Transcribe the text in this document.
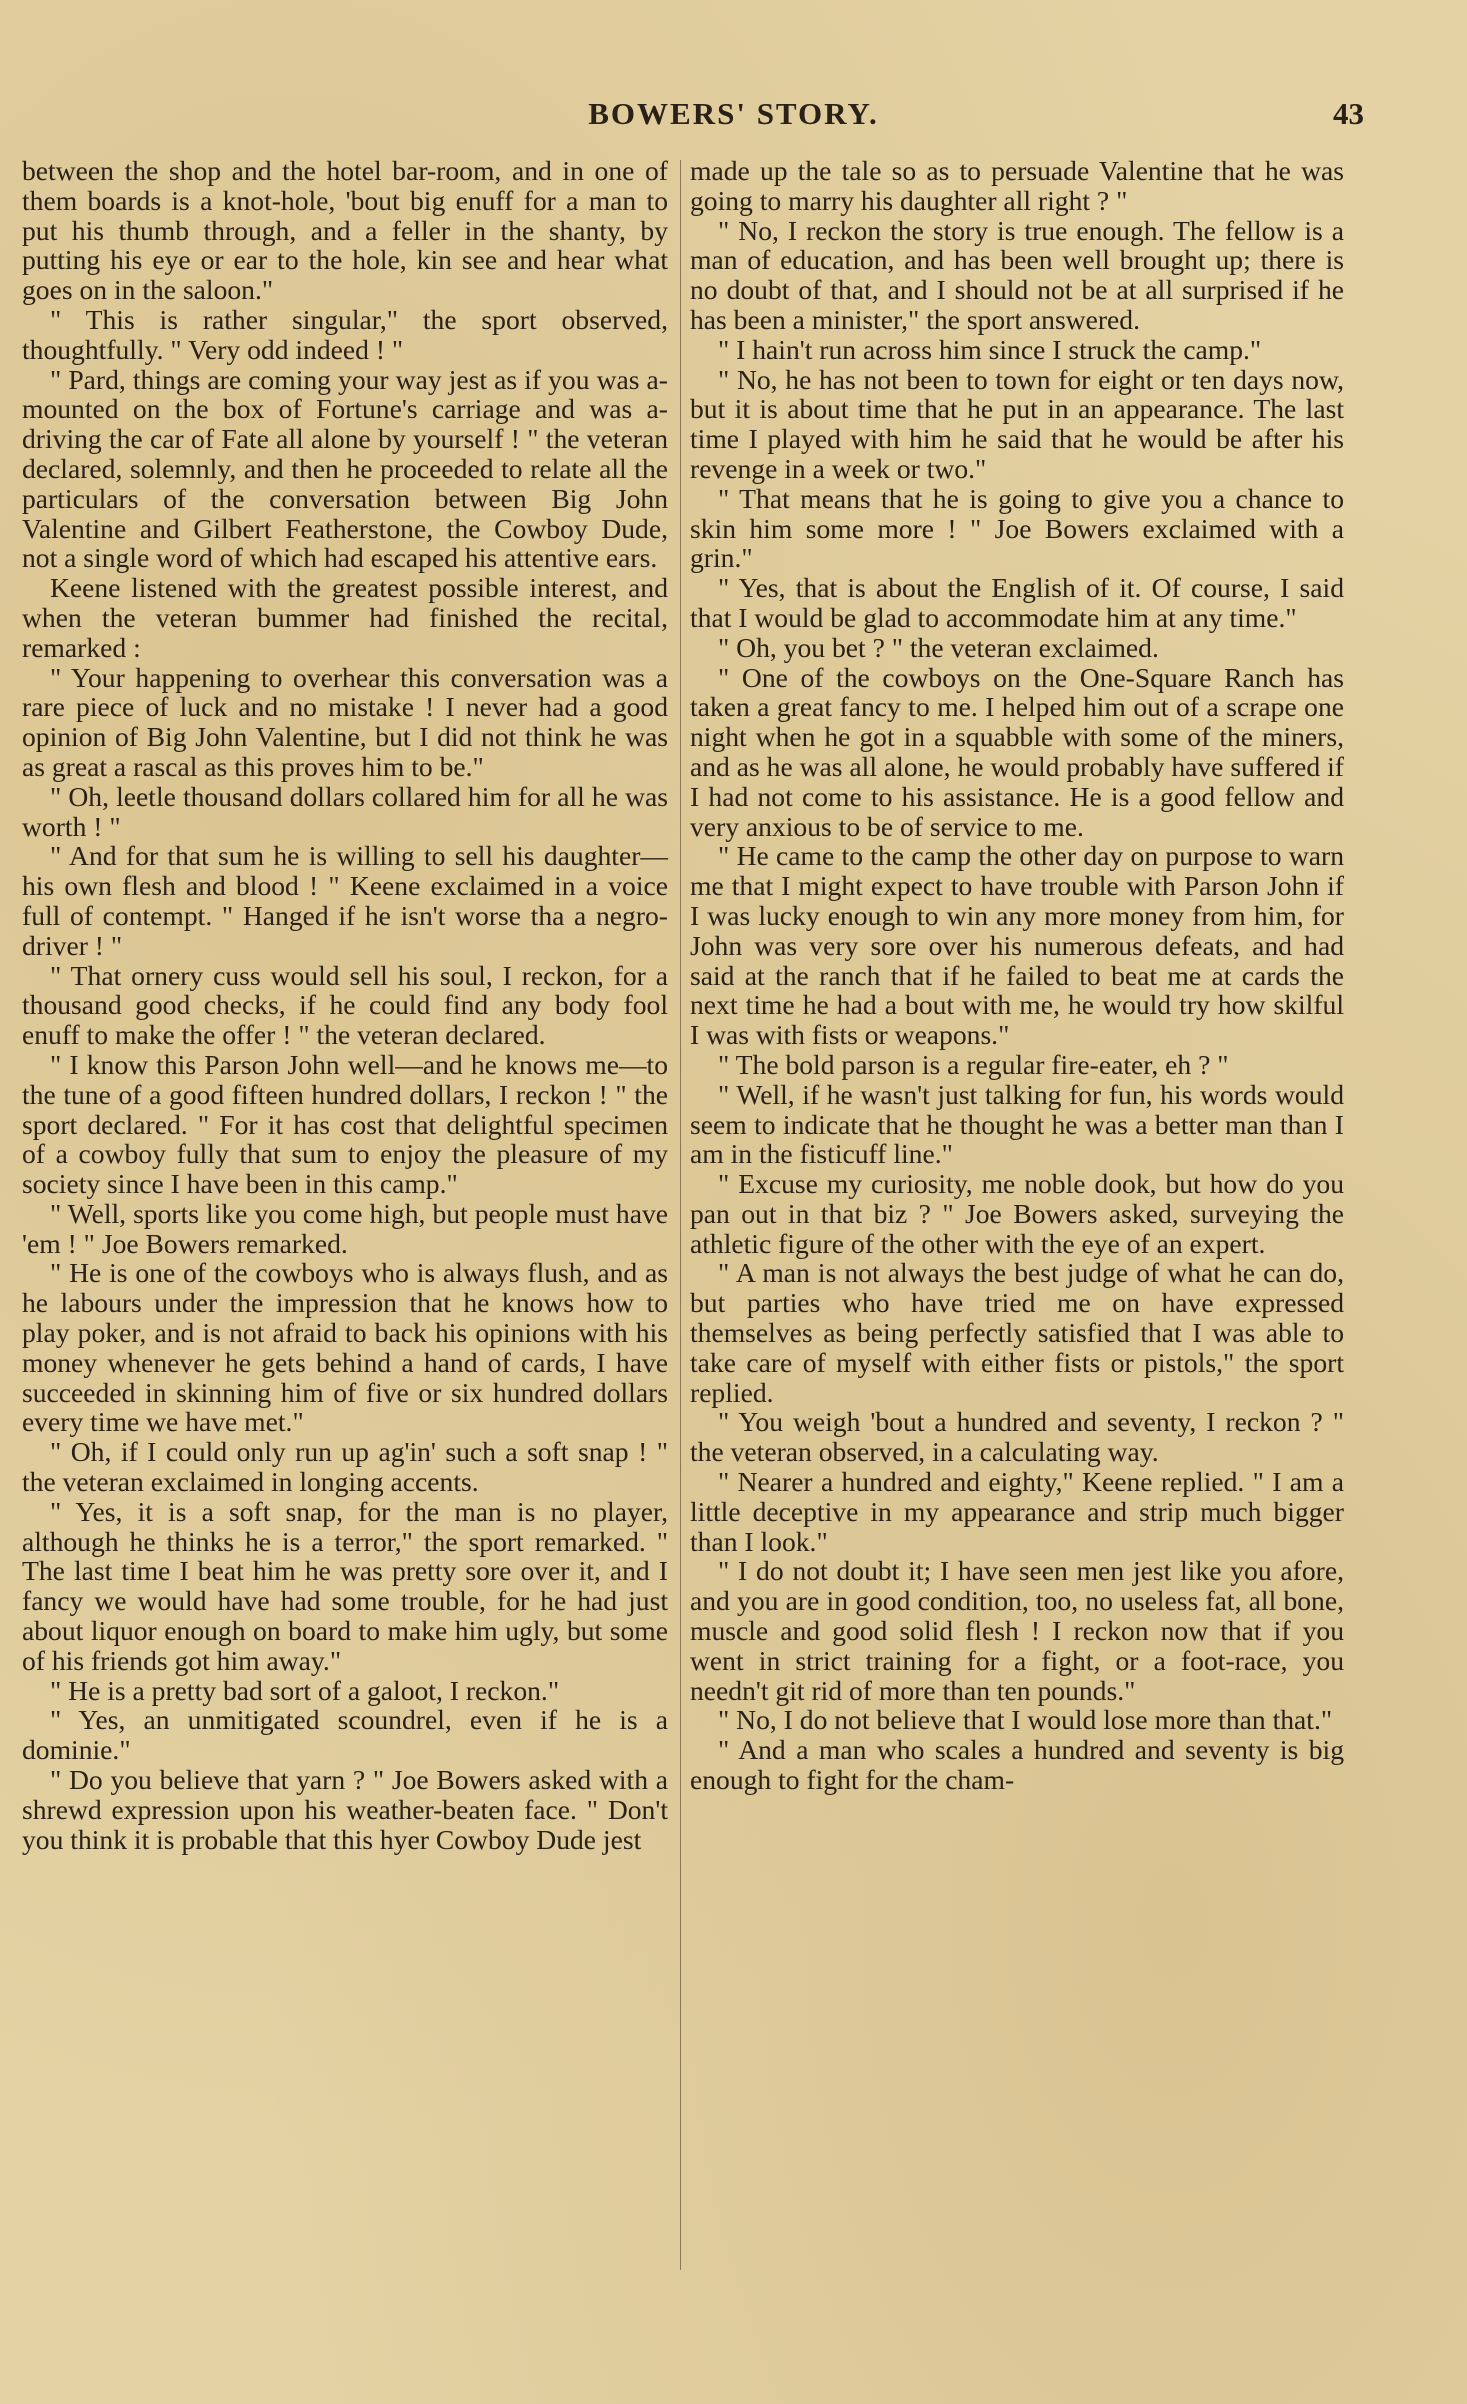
BOWERS' STORY.	43

between the shop and the hotel bar-room, and in one of them boards is a knot-hole, 'bout big enuff for a man to put his thumb through, and a feller in the shanty, by putting his eye or ear to the hole, kin see and hear what goes on in the saloon."

" This is rather singular," the sport observed, thoughtfully. " Very odd indeed ! "

" Pard, things are coming your way jest as if you was a-mounted on the box of Fortune's carriage and was a-driving the car of Fate all alone by yourself ! " the veteran declared, solemnly, and then he proceeded to relate all the particulars of the conversation between Big John Valentine and Gilbert Featherstone, the Cowboy Dude, not a single word of which had escaped his attentive ears.

Keene listened with the greatest possible interest, and when the veteran bummer had finished the recital, remarked :

" Your happening to overhear this conversation was a rare piece of luck and no mistake ! I never had a good opinion of Big John Valentine, but I did not think he was as great a rascal as this proves him to be."

" Oh, leetle thousand dollars collared him for all he was worth ! "

" And for that sum he is willing to sell his daughter—his own flesh and blood ! " Keene exclaimed in a voice full of contempt. " Hanged if he isn't worse tha a negro-driver ! "

" That ornery cuss would sell his soul, I reckon, for a thousand good checks, if he could find any body fool enuff to make the offer ! " the veteran declared.

" I know this Parson John well—and he knows me—to the tune of a good fifteen hundred dollars, I reckon ! " the sport declared. " For it has cost that delightful specimen of a cowboy fully that sum to enjoy the pleasure of my society since I have been in this camp."

" Well, sports like you come high, but people must have 'em ! " Joe Bowers remarked.

" He is one of the cowboys who is always flush, and as he labours under the impression that he knows how to play poker, and is not afraid to back his opinions with his money whenever he gets behind a hand of cards, I have succeeded in skinning him of five or six hundred dollars every time we have met."

" Oh, if I could only run up ag'in' such a soft snap ! " the veteran exclaimed in longing accents.

" Yes, it is a soft snap, for the man is no player, although he thinks he is a terror," the sport remarked. " The last time I beat him he was pretty sore over it, and I fancy we would have had some trouble, for he had just about liquor enough on board to make him ugly, but some of his friends got him away."

" He is a pretty bad sort of a galoot, I reckon."

" Yes, an unmitigated scoundrel, even if he is a dominie."

" Do you believe that yarn ? " Joe Bowers asked with a shrewd expression upon his weather-beaten face. " Don't you think it is probable that this hyer Cowboy Dude jest

made up the tale so as to persuade Valentine that he was going to marry his daughter all right ? "

" No, I reckon the story is true enough. The fellow is a man of education, and has been well brought up; there is no doubt of that, and I should not be at all surprised if he has been a minister," the sport answered.

" I hain't run across him since I struck the camp."

" No, he has not been to town for eight or ten days now, but it is about time that he put in an appearance. The last time I played with him he said that he would be after his revenge in a week or two."

" That means that he is going to give you a chance to skin him some more ! " Joe Bowers exclaimed with a grin."

" Yes, that is about the English of it. Of course, I said that I would be glad to accommodate him at any time."

" Oh, you bet ? " the veteran exclaimed.

" One of the cowboys on the One-Square Ranch has taken a great fancy to me. I helped him out of a scrape one night when he got in a squabble with some of the miners, and as he was all alone, he would probably have suffered if I had not come to his assistance. He is a good fellow and very anxious to be of service to me.

" He came to the camp the other day on purpose to warn me that I might expect to have trouble with Parson John if I was lucky enough to win any more money from him, for John was very sore over his numerous defeats, and had said at the ranch that if he failed to beat me at cards the next time he had a bout with me, he would try how skilful I was with fists or weapons."

" The bold parson is a regular fire-eater, eh ? "

" Well, if he wasn't just talking for fun, his words would seem to indicate that he thought he was a better man than I am in the fisticuff line."

" Excuse my curiosity, me noble dook, but how do you pan out in that biz ? " Joe Bowers asked, surveying the athletic figure of the other with the eye of an expert.

" A man is not always the best judge of what he can do, but parties who have tried me on have expressed themselves as being perfectly satisfied that I was able to take care of myself with either fists or pistols," the sport replied.

" You weigh 'bout a hundred and seventy, I reckon ? " the veteran observed, in a calculating way.

" Nearer a hundred and eighty," Keene replied. " I am a little deceptive in my appearance and strip much bigger than I look."

" I do not doubt it; I have seen men jest like you afore, and you are in good condition, too, no useless fat, all bone, muscle and good solid flesh ! I reckon now that if you went in strict training for a fight, or a foot-race, you needn't git rid of more than ten pounds."

" No, I do not believe that I would lose more than that."

" And a man who scales a hundred and seventy is big enough to fight for the cham-
